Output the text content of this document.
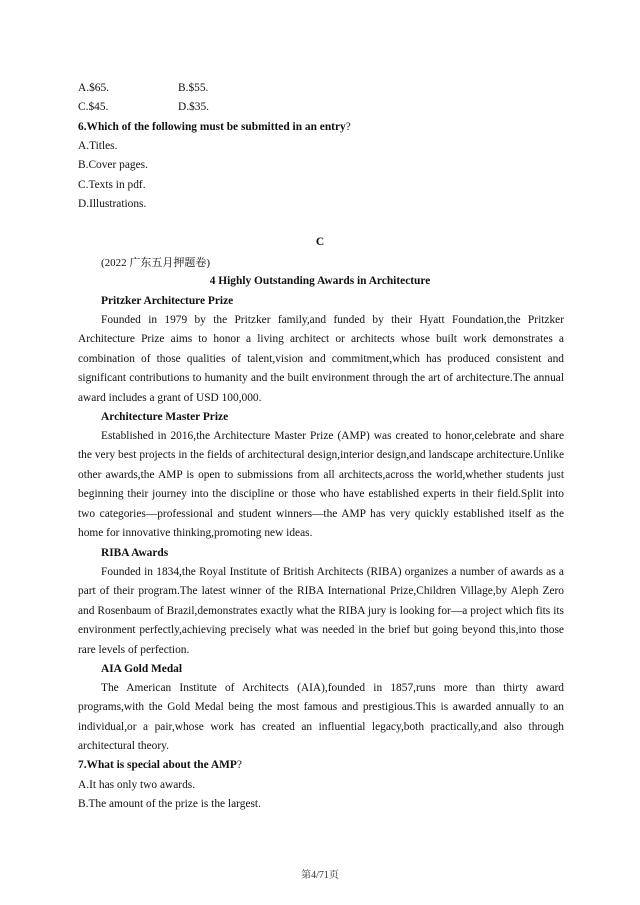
A.$65.	B.$55.
C.$45.	D.$35.
6.Which of the following must be submitted in an entry?
A.Titles.
B.Cover pages.
C.Texts in pdf.
D.Illustrations.
C
(2022 广东五月押题卷)
4 Highly Outstanding Awards in Architecture
Pritzker Architecture Prize
Founded in 1979 by the Pritzker family,and funded by their Hyatt Foundation,the Pritzker Architecture Prize aims to honor a living architect or architects whose built work demonstrates a combination of those qualities of talent,vision and commitment,which has produced consistent and significant contributions to humanity and the built environment through the art of architecture.The annual award includes a grant of USD 100,000.
Architecture Master Prize
Established in 2016,the Architecture Master Prize (AMP) was created to honor,celebrate and share the very best projects in the fields of architectural design,interior design,and landscape architecture.Unlike other awards,the AMP is open to submissions from all architects,across the world,whether students just beginning their journey into the discipline or those who have established experts in their field.Split into two categories—professional and student winners—the AMP has very quickly established itself as the home for innovative thinking,promoting new ideas.
RIBA Awards
Founded in 1834,the Royal Institute of British Architects (RIBA) organizes a number of awards as a part of their program.The latest winner of the RIBA International Prize,Children Village,by Aleph Zero and Rosenbaum of Brazil,demonstrates exactly what the RIBA jury is looking for—a project which fits its environment perfectly,achieving precisely what was needed in the brief but going beyond this,into those rare levels of perfection.
AIA Gold Medal
The American Institute of Architects (AIA),founded in 1857,runs more than thirty award programs,with the Gold Medal being the most famous and prestigious.This is awarded annually to an individual,or a pair,whose work has created an influential legacy,both practically,and also through architectural theory.
7.What is special about the AMP?
A.It has only two awards.
B.The amount of the prize is the largest.
第4/71页
